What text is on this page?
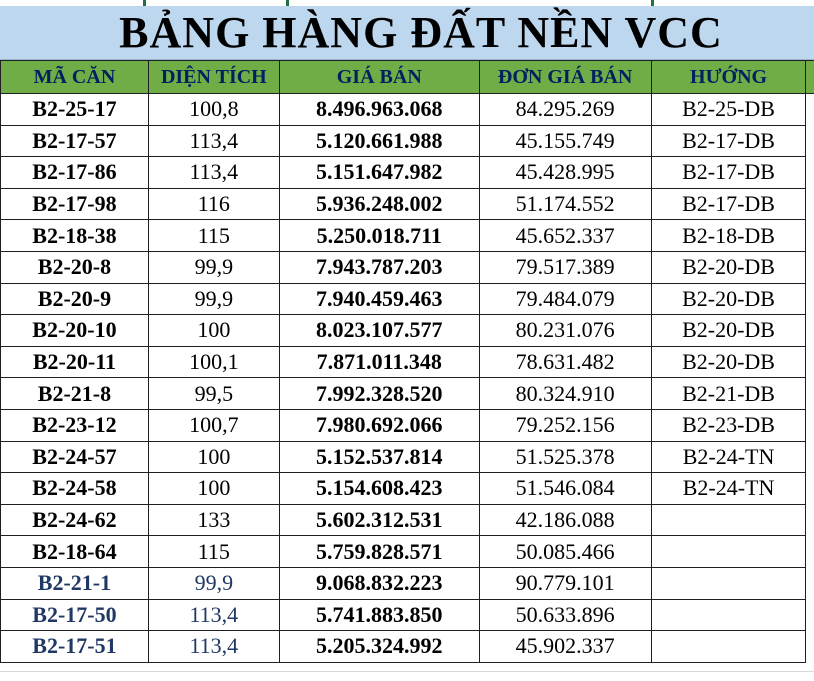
BẢNG HÀNG ĐẤT NỀN VCC
MÃ CĂN	DIỆN TÍCH	GIÁ BÁN	ĐƠN GIÁ BÁN	HƯỚNG	
B2-25-17	100,8	8.496.963.068	84.295.269	B2-25-DB	
B2-17-57	113,4	5.120.661.988	45.155.749	B2-17-DB	
B2-17-86	113,4	5.151.647.982	45.428.995	B2-17-DB	
B2-17-98	116	5.936.248.002	51.174.552	B2-17-DB	
B2-18-38	115	5.250.018.711	45.652.337	B2-18-DB	
B2-20-8	99,9	7.943.787.203	79.517.389	B2-20-DB	
B2-20-9	99,9	7.940.459.463	79.484.079	B2-20-DB	
B2-20-10	100	8.023.107.577	80.231.076	B2-20-DB	
B2-20-11	100,1	7.871.011.348	78.631.482	B2-20-DB	
B2-21-8	99,5	7.992.328.520	80.324.910	B2-21-DB	
B2-23-12	100,7	7.980.692.066	79.252.156	B2-23-DB	
B2-24-57	100	5.152.537.814	51.525.378	B2-24-TN	
B2-24-58	100	5.154.608.423	51.546.084	B2-24-TN	
B2-24-62	133	5.602.312.531	42.186.088		
B2-18-64	115	5.759.828.571	50.085.466		
B2-21-1	99,9	9.068.832.223	90.779.101		
B2-17-50	113,4	5.741.883.850	50.633.896		
B2-17-51	113,4	5.205.324.992	45.902.337		
